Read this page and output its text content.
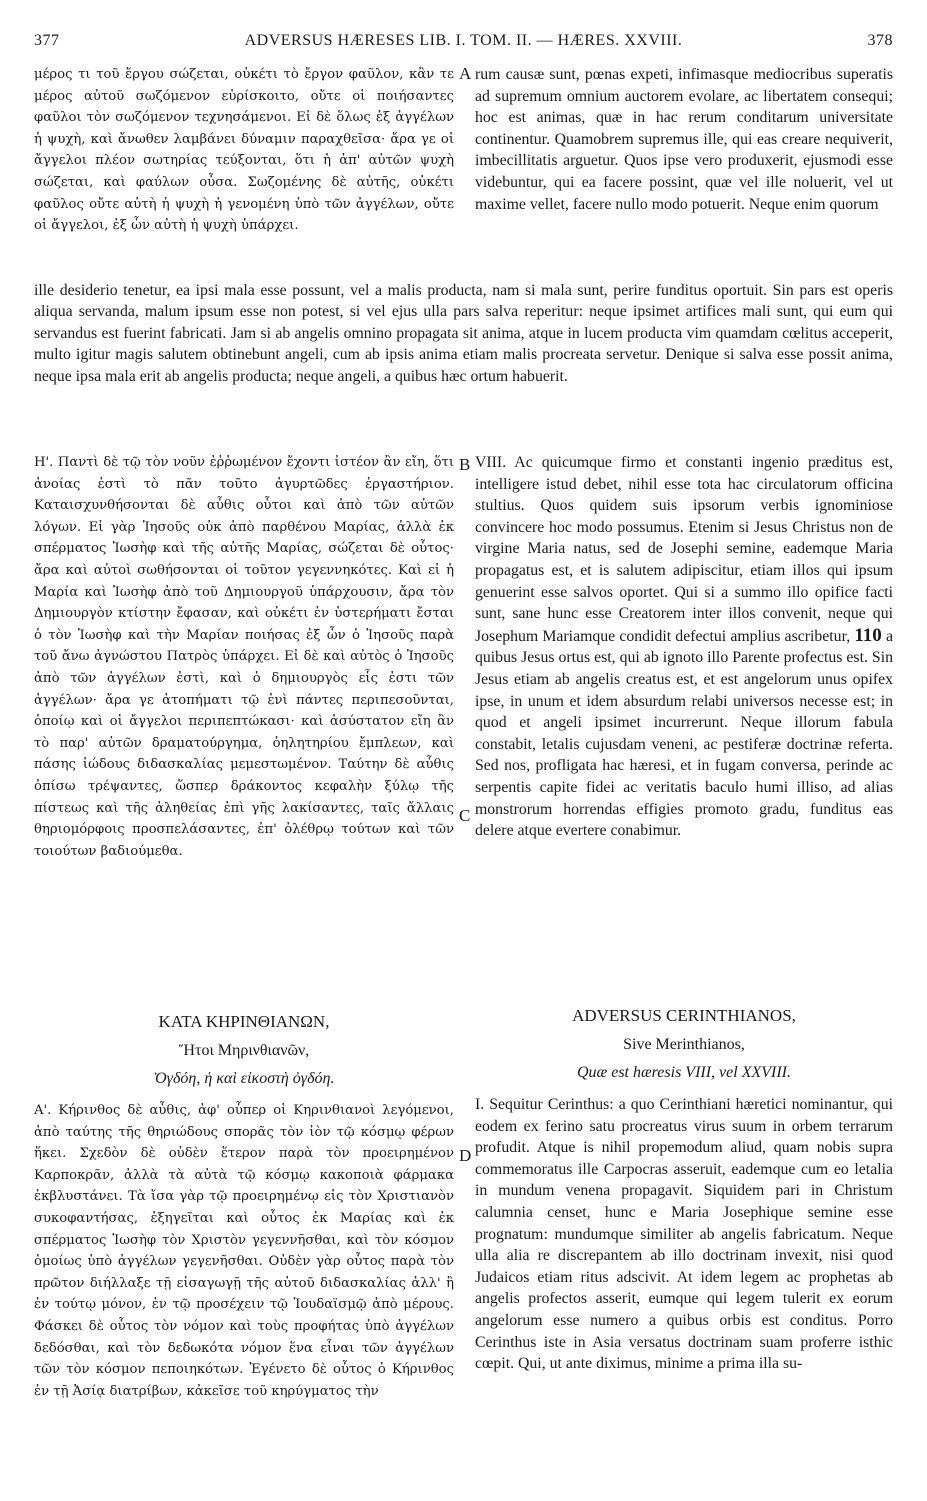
377	ADVERSUS HÆRESES LIB. I. TOM. II. — HÆRES. XXVIII.	378

μέρος τι τοῦ ἔργου σώζεται, οὐκέτι τὸ ἔργον φαῦλον, κἂν τε μέρος αὐτοῦ σωζόμενον εὑρίσκοιτο, οὔτε οἱ ποιήσαντες φαῦλοι τὸν σωζόμενον τεχνησάμενοι. Εἰ δὲ ὅλως ἐξ ἀγγέλων ἡ ψυχὴ, καὶ ἄνωθεν λαμβάνει δύναμιν παραχθεῖσα· ἄρα γε οἱ ἄγγελοι πλέον σωτηρίας τεύξονται, ὅτι ἡ ἀπ' αὐτῶν ψυχὴ σώζεται, καὶ φαύλων οὖσα. Σωζομένης δὲ αὐτῆς, οὐκέτι φαῦλος οὔτε αὐτὴ ἡ ψυχὴ ἡ γενομένη ὑπὸ τῶν ἀγγέλων, οὔτε οἱ ἄγγελοι, ἐξ ὧν αὐτὴ ἡ ψυχὴ ὑπάρχει.

A rum causæ sunt, pœnas expeti, infimasque mediocribus superatis ad supremum omnium auctorem evolare, ac libertatem consequi; hoc est animas, quæ in hac rerum conditarum universitate continentur. Quamobrem supremus ille, qui eas creare nequiverit, imbecillitatis arguetur. Quos ipse vero produxerit, ejusmodi esse videbuntur, qui ea facere possint, quæ vel ille noluerit, vel ut maxime vellet, facere nullo modo potuerit. Neque enim quorum

ille desiderio tenetur, ea ipsi mala esse possunt, vel a malis producta, nam si mala sunt, perire funditus oportuit. Sin pars est operis aliqua servanda, malum ipsum esse non potest, si vel ejus ulla pars salva reperitur: neque ipsimet artifices mali sunt, qui eum qui servandus est fuerint fabricati. Jam si ab angelis omnino propagata sit anima, atque in lucem producta vim quamdam cœlitus acceperit, multo igitur magis salutem obtinebunt angeli, cum ab ipsis anima etiam malis procreata servetur. Denique si salva esse possit anima, neque ipsa mala erit ab angelis producta; neque angeli, a quibus hæc ortum habuerit.

Η'. Παντὶ δὲ τῷ τὸν νοῦν ἐῤῥωμένον ἔχοντι ἰστέον ἂν εἴη, ὅτι ἀνοίας ἐστὶ τὸ πᾶν τοῦτο ἀγυρτῶδες ἐργαστήριον. Καταισχυνθήσονται δὲ αὖθις οὗτοι καὶ ἀπὸ τῶν αὐτῶν λόγων. Εἰ γὰρ Ἰησοῦς οὐκ ἀπὸ παρθένου Μαρίας, ἀλλὰ ἐκ σπέρματος Ἰωσὴφ καὶ τῆς αὐτῆς Μαρίας, σώζεται δὲ οὗτος· ἄρα καὶ αὐτοὶ σωθήσονται οἱ τοῦτον γεγεννηκότες. Καὶ εἰ ἡ Μαρία καὶ Ἰωσὴφ ἀπὸ τοῦ Δημιουργοῦ ὑπάρχουσιν, ἄρα τὸν Δημιουργὸν κτίστην ἔφασαν, καὶ οὐκέτι ἐν ὑστερήματι ἔσται ὁ τὸν Ἰωσὴφ καὶ τὴν Μαρίαν ποιήσας ἐξ ὧν ὁ Ἰησοῦς παρὰ τοῦ ἄνω ἀγνώστου Πατρὸς ὑπάρχει. Εἰ δὲ καὶ αὐτὸς ὁ Ἰησοῦς ἀπὸ τῶν ἀγγέλων ἐστὶ, καὶ ὁ δημιουργὸς εἷς ἐστι τῶν ἀγγέλων· ἄρα γε ἀτοπήματι τῷ ἑνὶ πάντες περιπεσοῦνται, ὁποίῳ καὶ οἱ ἄγγελοι περιπεπτώκασι· καὶ ἀσύστατον εἴη ἂν τὸ παρ' αὐτῶν δραματούργημα, ὁηλητηρίου ἔμπλεων, καὶ πάσης ἰώδους διδασκαλίας μεμεστωμένον. Ταύτην δὲ αὖθις ὀπίσω τρέψαντες, ὥσπερ δράκοντος κεφαλὴν ξύλῳ τῆς πίστεως καὶ τῆς ἀληθείας ἐπὶ γῆς λακίσαντες, ταῖς ἄλλαις θηριομόρφοις προσπελάσαντες, ἐπ' ὀλέθρῳ τούτων καὶ τῶν τοιούτων βαδιούμεθα.

B
C

VIII. Ac quicumque firmo et constanti ingenio præditus est, intelligere istud debet, nihil esse tota hac circulatorum officina stultius. Quos quidem suis ipsorum verbis ignominiose convincere hoc modo possumus. Etenim si Jesus Christus non de virgine Maria natus, sed de Josephi semine, eademque Maria propagatus est, et is salutem adipiscitur, etiam illos qui ipsum genuerint esse salvos oportet. Qui si a summo illo opifice facti sunt, sane hunc esse Creatorem inter illos convenit, neque qui Josephum Mariamque condidit defectui amplius ascribetur, 110 a quibus Jesus ortus est, qui ab ignoto illo Parente profectus est. Sin Jesus etiam ab angelis creatus est, et est angelorum unus opifex ipse, in unum et idem absurdum relabi universos necesse est; in quod et angeli ipsimet incurrerunt. Neque illorum fabula constabit, letalis cujusdam veneni, ac pestiferæ doctrinæ referta. Sed nos, profligata hac hæresi, et in fugam conversa, perinde ac serpentis capite fidei ac veritatis baculo humi illiso, ad alias monstrorum horrendas effigies promoto gradu, funditus eas delere atque evertere conabimur.

ΚΑΤΑ ΚΗΡΙΝΘΙΑΝΩΝ,

Ἤτοι Μηρινθιανῶν,

Ὀγδόη, ἡ καὶ εἰκοστὴ ὀγδόη.

ADVERSUS CERINTHIANOS,

Sive Merinthianos,

Quæ est hæresis VIII, vel XXVIII.

Α'. Κήρινθος δὲ αὖθις, ἀφ' οὗπερ οἱ Κηρινθιανοὶ λεγόμενοι, ἀπὸ ταύτης τῆς θηριώδους σπορᾶς τὸν ἰὸν τῷ κόσμῳ φέρων ἥκει. Σχεδὸν δὲ οὐδὲν ἕτερον παρὰ τὸν προειρημένον Καρποκρᾶν, ἀλλὰ τὰ αὐτὰ τῷ κόσμῳ κακοποιὰ φάρμακα ἐκβλυστάνει. Τὰ ἴσα γὰρ τῷ προειρημένῳ εἰς τὸν Χριστιανὸν συκοφαντήσας, ἐξηγεῖται καὶ οὗτος ἐκ Μαρίας καὶ ἐκ σπέρματος Ἰωσὴφ τὸν Χριστὸν γεγεννῆσθαι, καὶ τὸν κόσμον ὁμοίως ὑπὸ ἀγγέλων γεγενῆσθαι. Οὐδὲν γὰρ οὗτος παρὰ τὸν πρῶτον διήλλαξε τῇ εἰσαγωγῇ τῆς αὐτοῦ διδασκαλίας ἀλλ' ἢ ἐν τούτῳ μόνον, ἐν τῷ προσέχειν τῷ Ἰουδαϊσμῷ ἀπὸ μέρους. Φάσκει δὲ οὗτος τὸν νόμον καὶ τοὺς προφήτας ὑπὸ ἀγγέλων δεδόσθαι, καὶ τὸν δεδωκότα νόμον ἕνα εἶναι τῶν ἀγγέλων τῶν τὸν κόσμον πεποιηκότων. Ἐγένετο δὲ οὗτος ὁ Κήρινθος ἐν τῇ Ἀσίᾳ διατρίβων, κἀκεῖσε τοῦ κηρύγματος τὴν

D

I. Sequitur Cerinthus: a quo Cerinthiani hæretici nominantur, qui eodem ex ferino satu procreatus virus suum in orbem terrarum profudit. Atque is nihil propemodum aliud, quam nobis supra commemoratus ille Carpocras asseruit, eademque cum eo letalia in mundum venena propagavit. Siquidem pari in Christum calumnia censet, hunc e Maria Josephique semine esse prognatum: mundumque similiter ab angelis fabricatum. Neque ulla alia re discrepantem ab illo doctrinam invexit, nisi quod Judaicos etiam ritus adscivit. At idem legem ac prophetas ab angelis profectos asserit, eumque qui legem tulerit ex eorum angelorum esse numero a quibus orbis est conditus. Porro Cerinthus iste in Asia versatus doctrinam suam proferre isthic cœpit. Qui, ut ante diximus, minime a prima illa su-
